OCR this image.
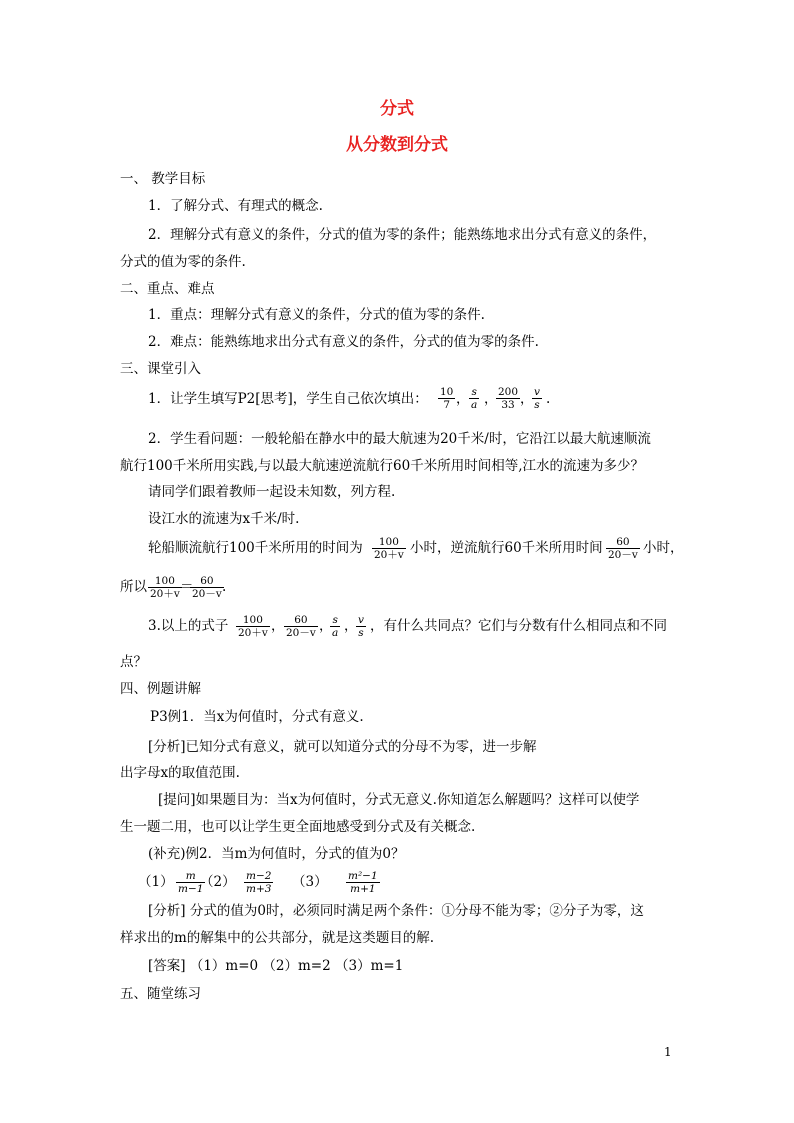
分式
从分数到分式
一、 教学目标
1．了解分式、有理式的概念.
2．理解分式有意义的条件，分式的值为零的条件；能熟练地求出分式有意义的条件，
分式的值为零的条件.
二、重点、难点
1．重点：理解分式有意义的条件，分式的值为零的条件.
2．难点：能熟练地求出分式有意义的条件，分式的值为零的条件.
三、课堂引入
1．让学生填写P2[思考]，学生自己依次填出： $\frac{10}{7}$ ， $\frac{s}{a}$ ，
$\frac{200}{33}$ ，
$\frac{v}{s}$ .
2．学生看问题：一般轮船在静水中的最大航速为20千米/时，它沿江以最大航速顺流
航行100千米所用实践,与以最大航速逆流航行60千米所用时间相等,江水的流速为多少？
请同学们跟着教师一起设未知数，列方程.
设江水的流速为x千米/时.
轮船顺流航行100千米所用的时间为 $\frac{100}{20+v}$ 小时，逆流航行60千米所用时间 $\frac{60}{20-v}$ 小时，
所以 $\frac{100}{20+v}$
＝
$\frac{60}{20-v}$
.
3.以上的式子 $\frac{100}{20+v}$ ， $\frac{60}{20-v}$ ，
$\frac{s}{a}$ ，
$\frac{v}{s}$ ，有什么共同点？它们与分数有什么相同点和不同
点？
四、例题讲解
P3例1．当x为何值时，分式有意义.
[分析]已知分式有意义，就可以知道分式的分母不为零，进一步解
出字母x的取值范围.
[提问]如果题目为：当x为何值时，分式无意义.你知道怎么解题吗？这样可以使学
生一题二用，也可以让学生更全面地感受到分式及有关概念.
(补充)例2．当m为何值时，分式的值为0？
$(1) \frac{m}{m-1}$
$(2) \frac{m-2}{m+3} (3) \frac{\text{m²−1}}{m+1}$
[分析] 分式的值为0时，必须同时满足两个条件：①分母不能为零；②分子为零，这
样求出的m的解集中的公共部分，就是这类题目的解.
[答案] （1）m=0 （2）m=2 （3）m=1
五、随堂练习
1
